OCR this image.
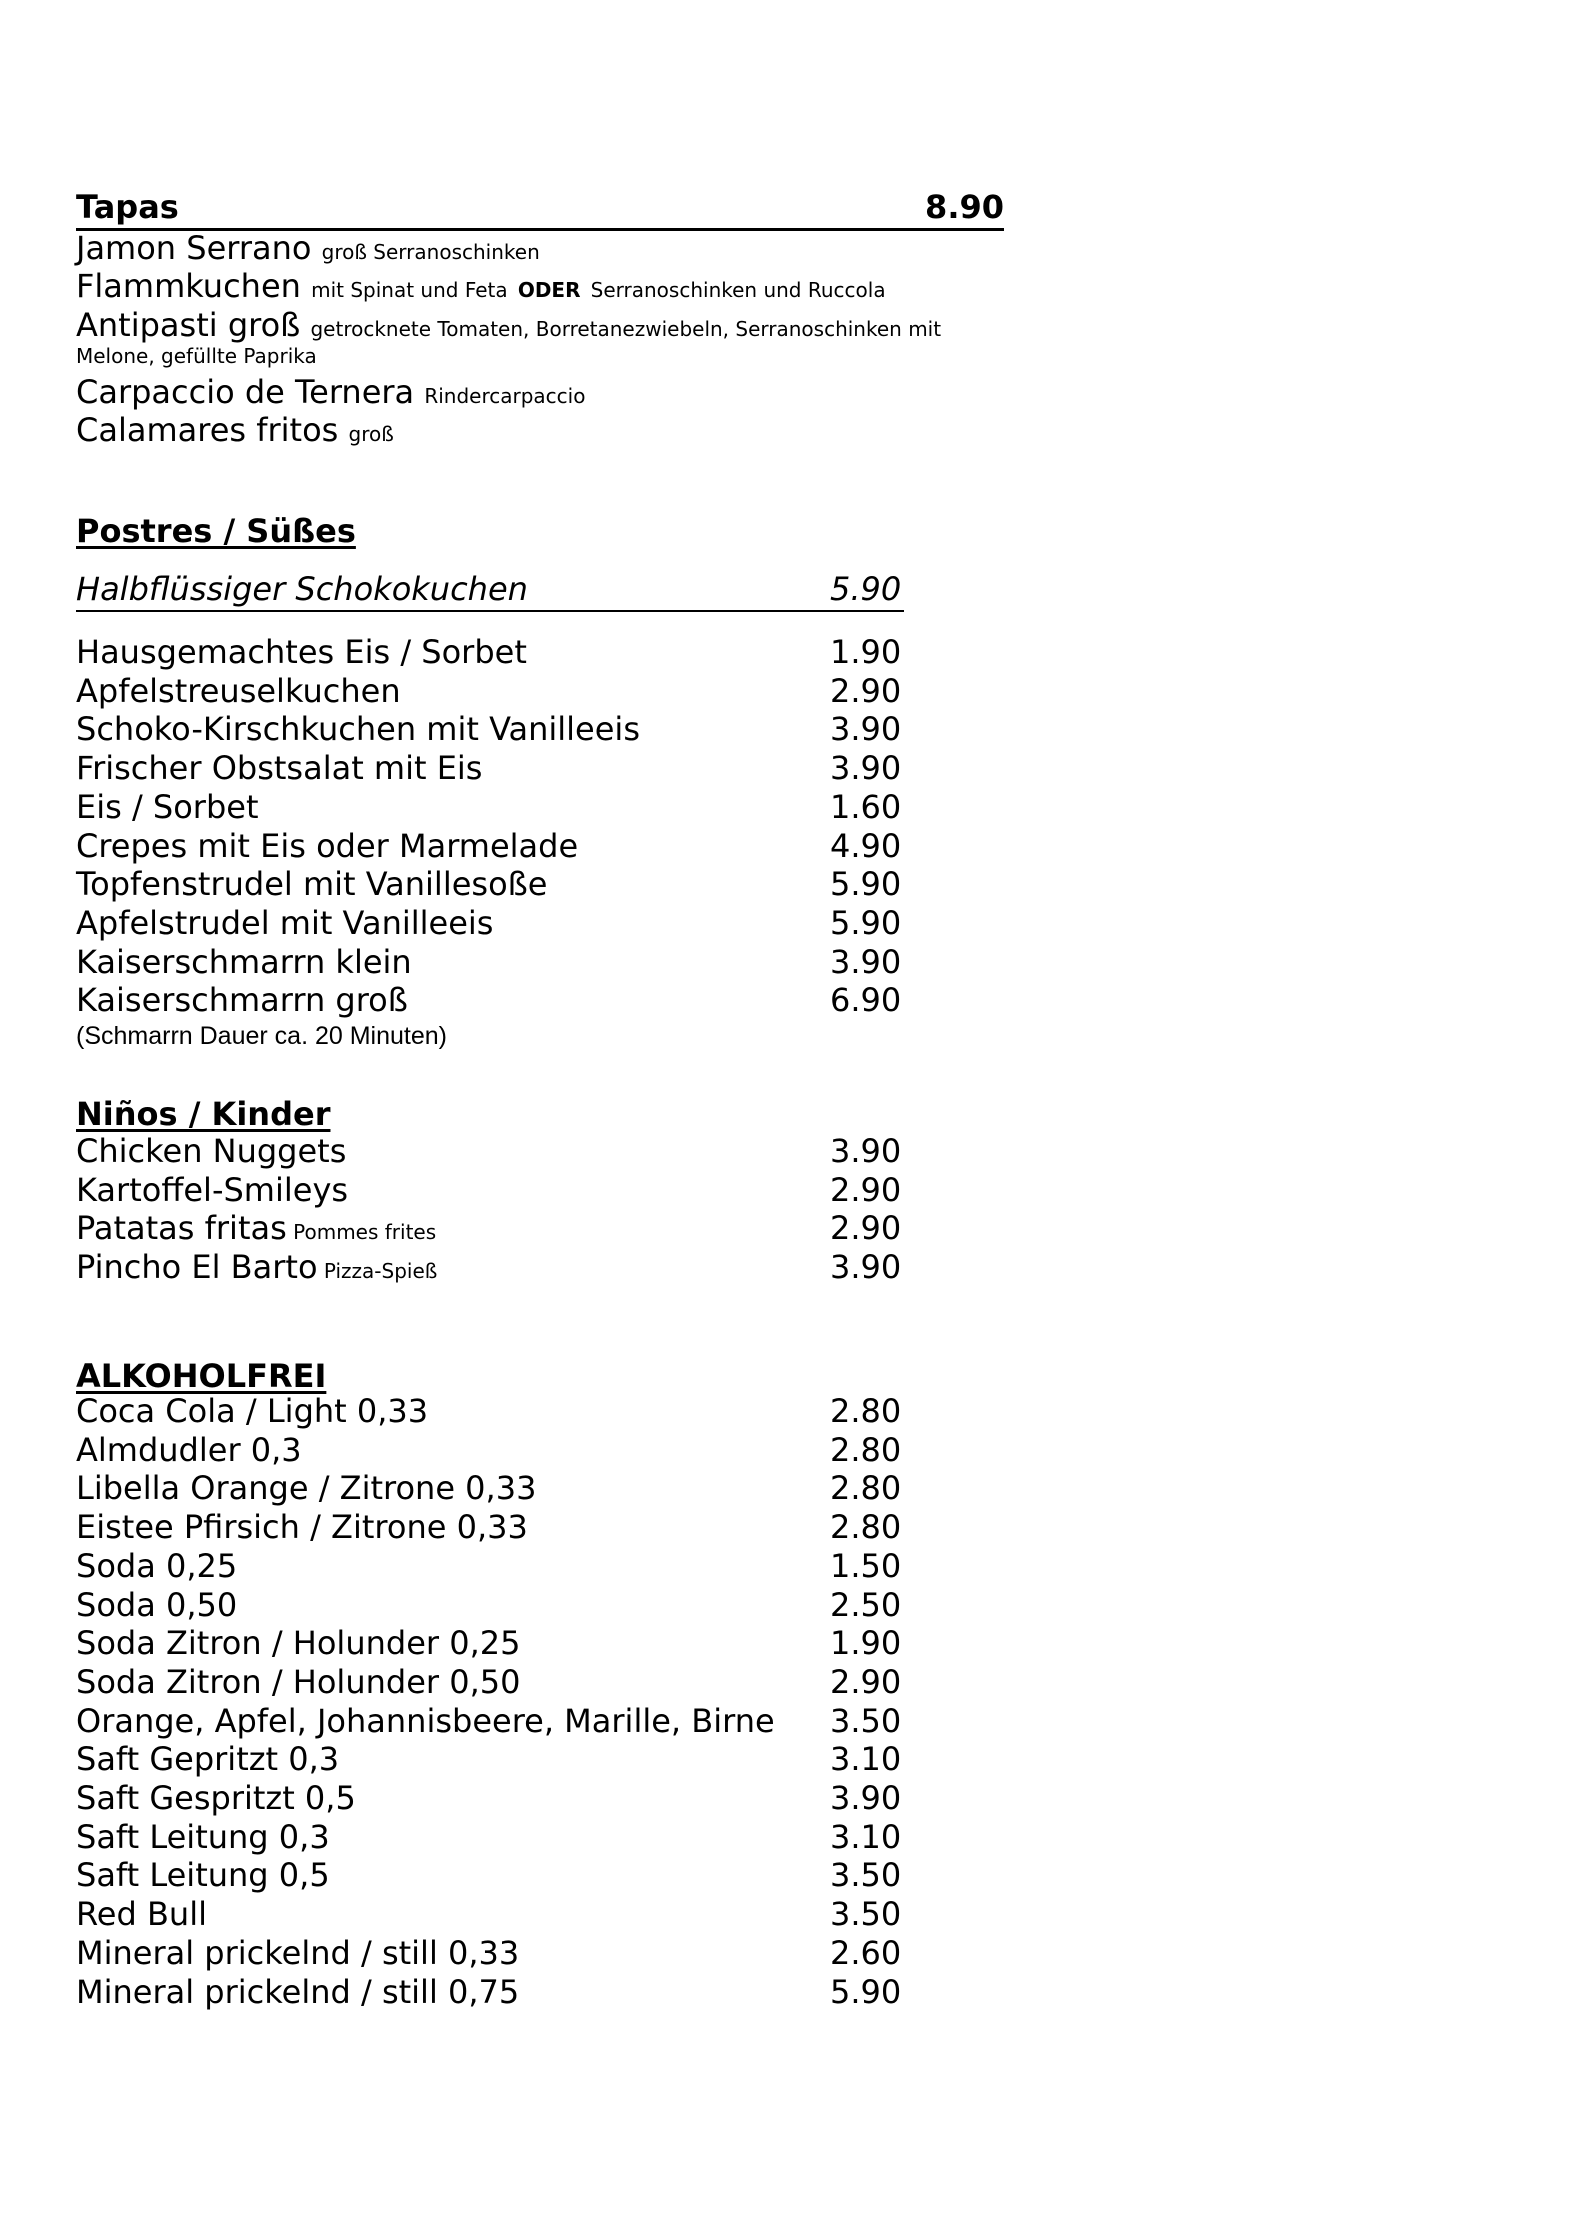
Tapas	8.90
Jamon Serrano groß Serranoschinken
Flammkuchen mit Spinat und Feta ODER Serranoschinken und Ruccola
Antipasti groß getrocknete Tomaten, Borretanezwiebeln, Serranoschinken mit
Melone, gefüllte Paprika
Carpaccio de Ternera Rindercarpaccio
Calamares fritos groß
Postres / Süßes
Halbflüssiger Schokokuchen	5.90
Hausgemachtes Eis / Sorbet	1.90
Apfelstreuselkuchen	2.90
Schoko-Kirschkuchen mit Vanilleeis	3.90
Frischer Obstsalat mit Eis	3.90
Eis / Sorbet	1.60
Crepes mit Eis oder Marmelade	4.90
Topfenstrudel mit Vanillesoße	5.90
Apfelstrudel mit Vanilleeis	5.90
Kaiserschmarrn klein	3.90
Kaiserschmarrn groß	6.90
(Schmarrn Dauer ca. 20 Minuten)
Niños / Kinder
Chicken Nuggets	3.90
Kartoffel-Smileys	2.90
Patatas fritas Pommes frites	2.90
Pincho El Barto Pizza-Spieß	3.90
ALKOHOLFREI
Coca Cola / Light 0,33	2.80
Almdudler 0,3	2.80
Libella Orange / Zitrone 0,33	2.80
Eistee Pfirsich / Zitrone 0,33	2.80
Soda 0,25	1.50
Soda 0,50	2.50
Soda Zitron / Holunder 0,25	1.90
Soda Zitron / Holunder 0,50	2.90
Orange, Apfel, Johannisbeere, Marille, Birne 3.50
Saft Gepritzt 0,3	3.10
Saft Gespritzt 0,5	3.90
Saft Leitung 0,3	3.10
Saft Leitung 0,5	3.50
Red Bull	3.50
Mineral prickelnd / still 0,33	2.60
Mineral prickelnd / still 0,75	5.90
